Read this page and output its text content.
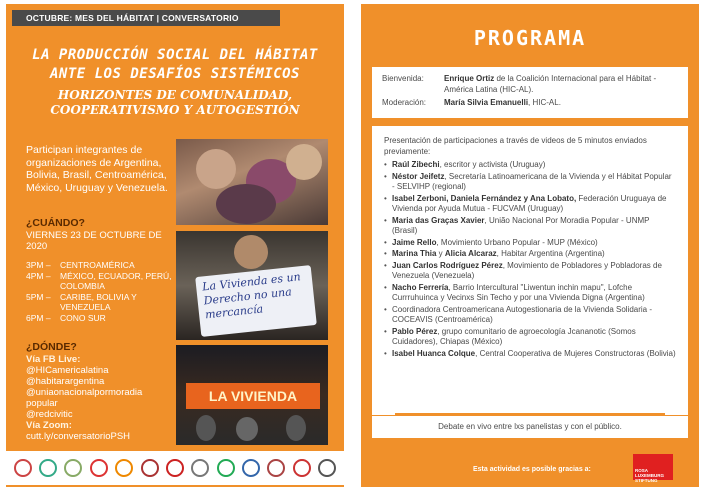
OCTUBRE: MES DEL HÁBITAT | CONVERSATORIO
LA PRODUCCIÓN SOCIAL DEL HÁBITAT
ANTE LOS DESAFÍOS SISTÉMICOS
HORIZONTES DE COMUNALIDAD,
COOPERATIVISMO Y AUTOGESTIÓN
Participan integrantes de organizaciones de Argentina, Bolivia, Brasil, Centroamérica, México, Uruguay y Venezuela.
¿CUÁNDO?
VIERNES 23 DE OCTUBRE DE 2020
3PM –	CENTROAMÉRICA
4PM –	MÉXICO, ECUADOR, PERÚ, COLOMBIA
5PM –	CARIBE, BOLIVIA Y VENEZUELA
6PM –	CONO SUR
¿DÓNDE?
Vía FB Live:
@HICamericalatina
@habitarargentina
@uniaonacionalpormoradia popular
@redcivitic
Vía Zoom:
cutt.ly/conversatorioPSH
La Vivienda es un Derecho no una mercancía
LA VIVIENDA
PROGRAMA
Bienvenida:	Enrique Ortiz de la Coalición Internacional para el Hábitat - América Latina (HIC-AL).
Moderación:	María Silvia Emanuelli, HIC-AL.
Presentación de participaciones a través de videos de 5 minutos enviados previamente:
• Raúl Zibechi, escritor y activista (Uruguay)
• Néstor Jeifetz, Secretaría Latinoamericana de la Vivienda y el Hábitat Popular - SELVIHP (regional)
• Isabel Zerboni, Daniela Fernández y Ana Lobato, Federación Uruguaya de Vivienda por Ayuda Mutua - FUCVAM (Uruguay)
• Maria das Graças Xavier, União Nacional Por Moradia Popular - UNMP (Brasil)
• Jaime Rello, Movimiento Urbano Popular - MUP (México)
• Marina Thia y Alicia Alcaraz, Habitar Argentina (Argentina)
• Juan Carlos Rodríguez Pérez, Movimiento de Pobladores y Pobladoras de Venezuela (Venezuela)
• Nacho Ferrería, Barrio Intercultural "Liwentun inchin mapu", Lofche Currruhuinca y Vecinxs Sin Techo y por una Vivienda Digna (Argentina)
• Coordinadora Centroamericana Autogestionaria de la Vivienda Solidaria - COCEAVIS (Centroamérica)
• Pablo Pérez, grupo comunitario de agroecología Jcananotic (Somos Cuidadores), Chiapas (México)
• Isabel Huanca Colque, Central Cooperativa de Mujeres Constructoras (Bolivia)
Debate en vivo entre lxs panelistas y con el público.
Esta actividad es posible gracias a:	ROSA LUXEMBURG STIFTUNG
